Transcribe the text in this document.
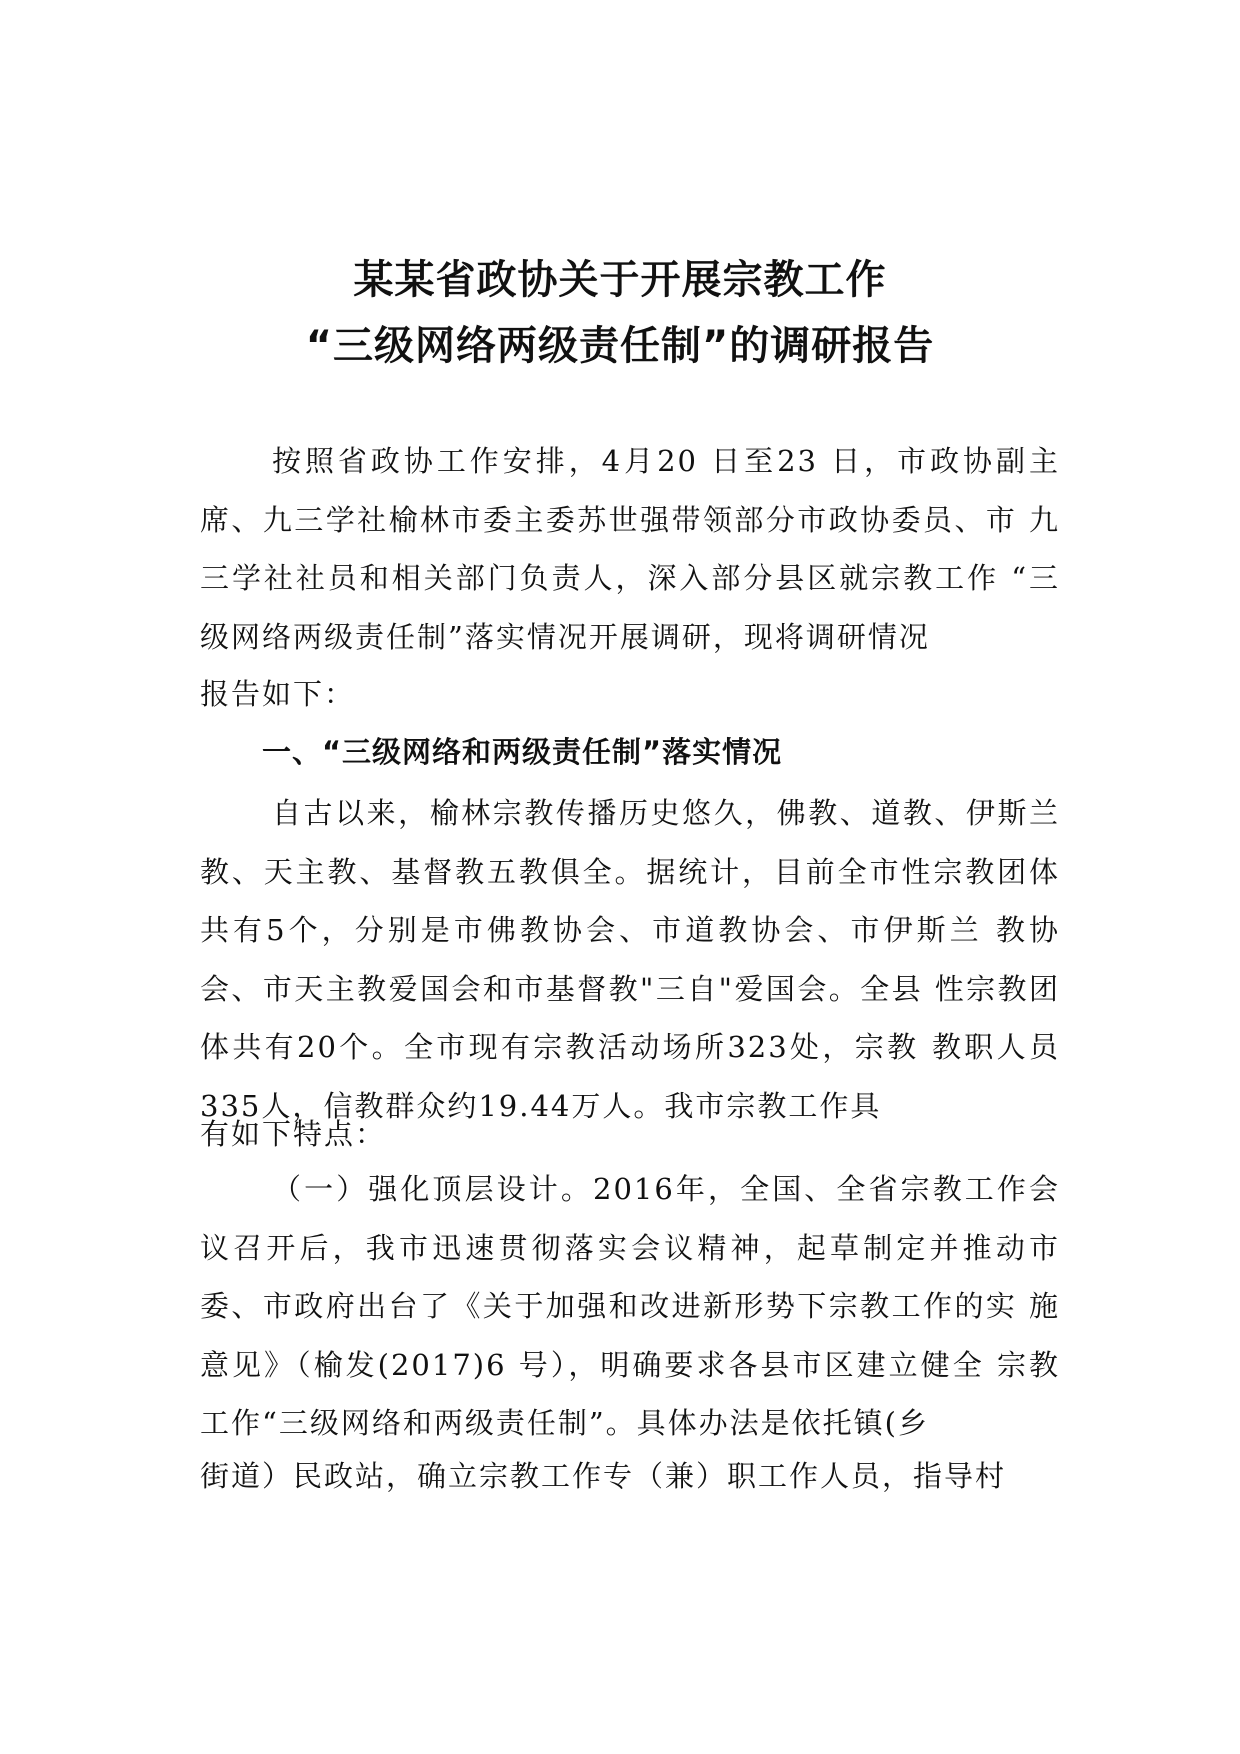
某某省政协关于开展宗教工作
“三级网络两级责任制”的调研报告

按照省政协工作安排，4月20 日至23 日，市政协副主 席、九三学社榆林市委主委苏世强带领部分市政协委员、市 九三学社社员和相关部门负责人，深入部分县区就宗教工作 “三级网络两级责任制”落实情况开展调研，现将调研情况

报告如下：

一、“三级网络和两级责任制”落实情况

自古以来，榆林宗教传播历史悠久，佛教、道教、伊斯兰教、天主教、基督教五教俱全。据统计，目前全市性宗教团体共有5个，分别是市佛教协会、市道教协会、市伊斯兰 教协会、市天主教爱国会和市基督教"三自"爱国会。全县 性宗教团体共有20个。全市现有宗教活动场所323处，宗教 教职人员335人，信教群众约19.44万人。我市宗教工作具

有如下特点：

（一）强化顶层设计。2016年，全国、全省宗教工作会 议召开后，我市迅速贯彻落实会议精神，起草制定并推动市 委、市政府出台了《关于加强和改进新形势下宗教工作的实 施意见》（榆发(2017)6 号），明确要求各县市区建立健全 宗教工作“三级网络和两级责任制”。具体办法是依托镇(乡

街道）民政站，确立宗教工作专（兼）职工作人员，指导村
